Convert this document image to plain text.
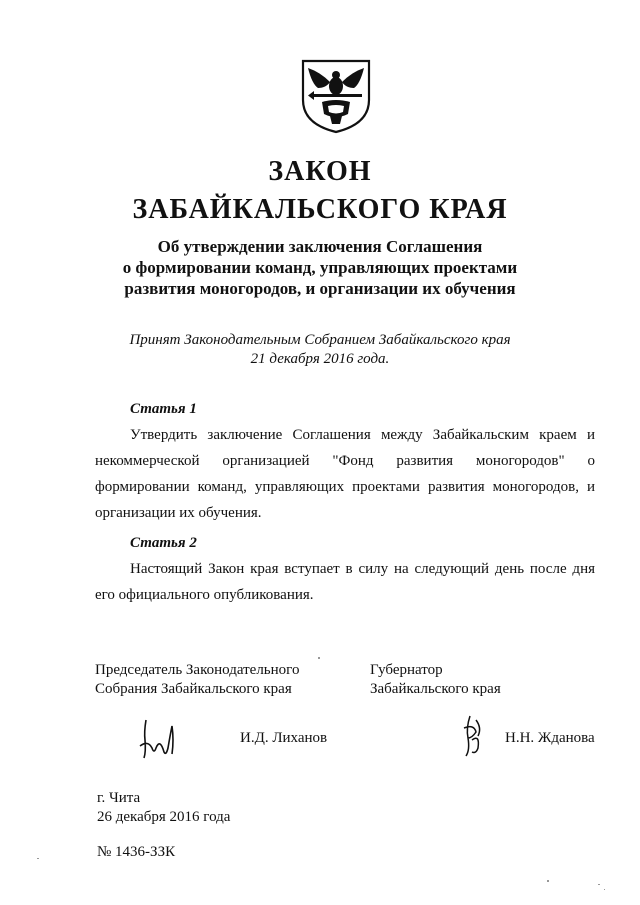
ЗАКОН
ЗАБАЙКАЛЬСКОГО КРАЯ
Об утверждении заключения Соглашения
о формировании команд, управляющих проектами
развития моногородов, и организации их обучения
Принят Законодательным Собранием Забайкальского края
21 декабря 2016 года.
Статья 1

Утвердить заключение Соглашения между Забайкальским краем и некоммерческой организацией "Фонд развития моногородов" о формировании команд, управляющих проектами развития моногородов, и организации их обучения.

Статья 2

Настоящий Закон края вступает в силу на следующий день после дня его официального опубликования.

Председатель Законодательного
Собрания Забайкальского края
Губернатор
Забайкальского края
И.Д. Лиханов	Н.Н. Жданова
г. Чита
26 декабря 2016 года
№ 1436-ЗЗК
